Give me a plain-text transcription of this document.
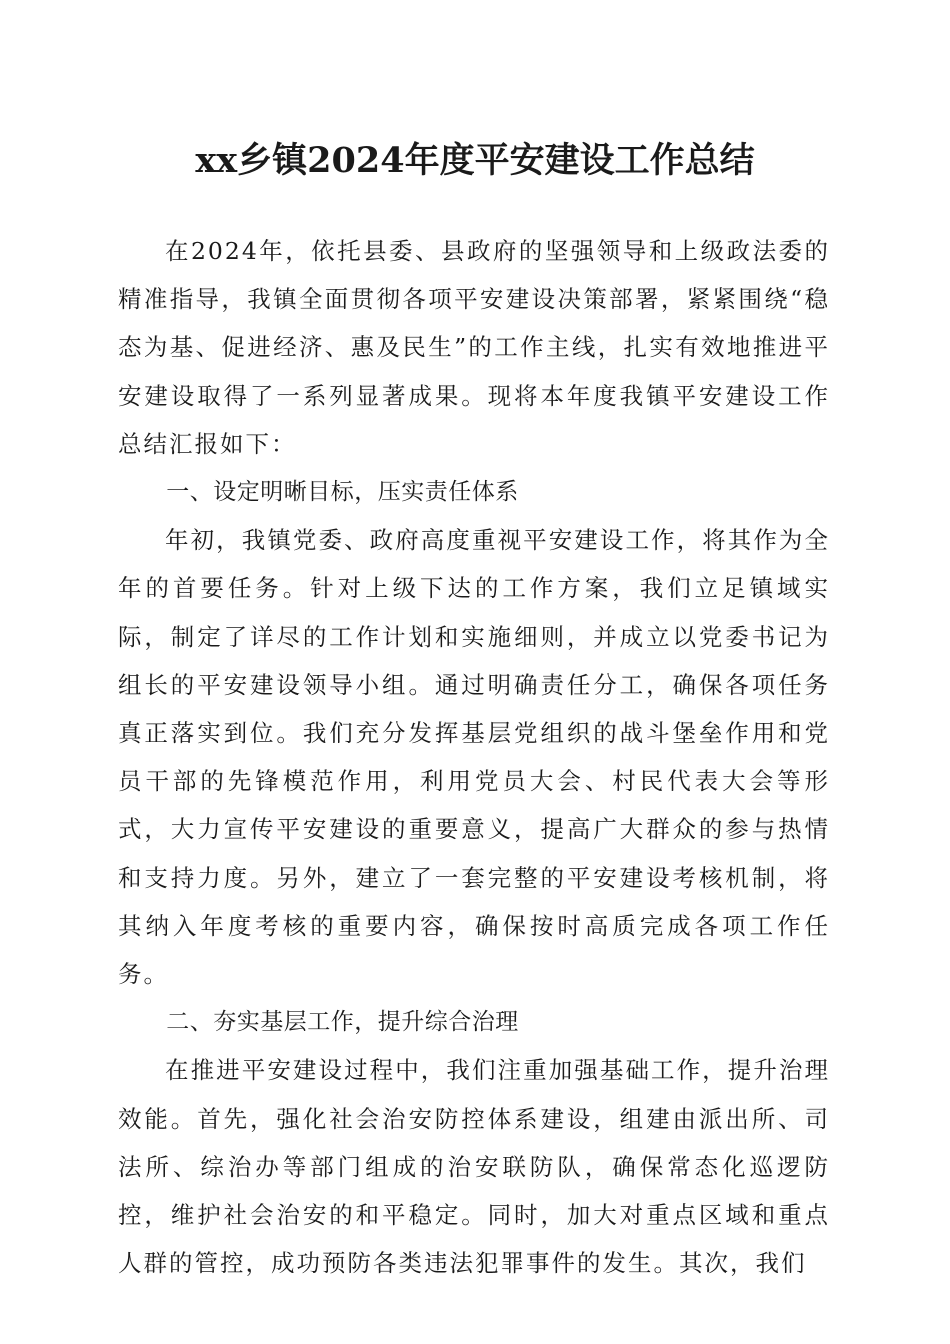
xx乡镇2024年度平安建设工作总结

在2024年，依托县委、县政府的坚强领导和上级政法委的精准指导，我镇全面贯彻各项平安建设决策部署，紧紧围绕“稳态为基、促进经济、惠及民生”的工作主线，扎实有效地推进平安建设取得了一系列显著成果。现将本年度我镇平安建设工作总结汇报如下：

一、设定明晰目标，压实责任体系

年初，我镇党委、政府高度重视平安建设工作，将其作为全年的首要任务。针对上级下达的工作方案，我们立足镇域实际，制定了详尽的工作计划和实施细则，并成立以党委书记为组长的平安建设领导小组。通过明确责任分工，确保各项任务真正落实到位。我们充分发挥基层党组织的战斗堡垒作用和党员干部的先锋模范作用，利用党员大会、村民代表大会等形式，大力宣传平安建设的重要意义，提高广大群众的参与热情和支持力度。另外，建立了一套完整的平安建设考核机制，将其纳入年度考核的重要内容，确保按时高质完成各项工作任务。

二、夯实基层工作，提升综合治理

在推进平安建设过程中，我们注重加强基础工作，提升治理效能。首先，强化社会治安防控体系建设，组建由派出所、司法所、综治办等部门组成的治安联防队，确保常态化巡逻防控，维护社会治安的和平稳定。同时，加大对重点区域和重点人群的管控，成功预防各类违法犯罪事件的发生。其次，我们
